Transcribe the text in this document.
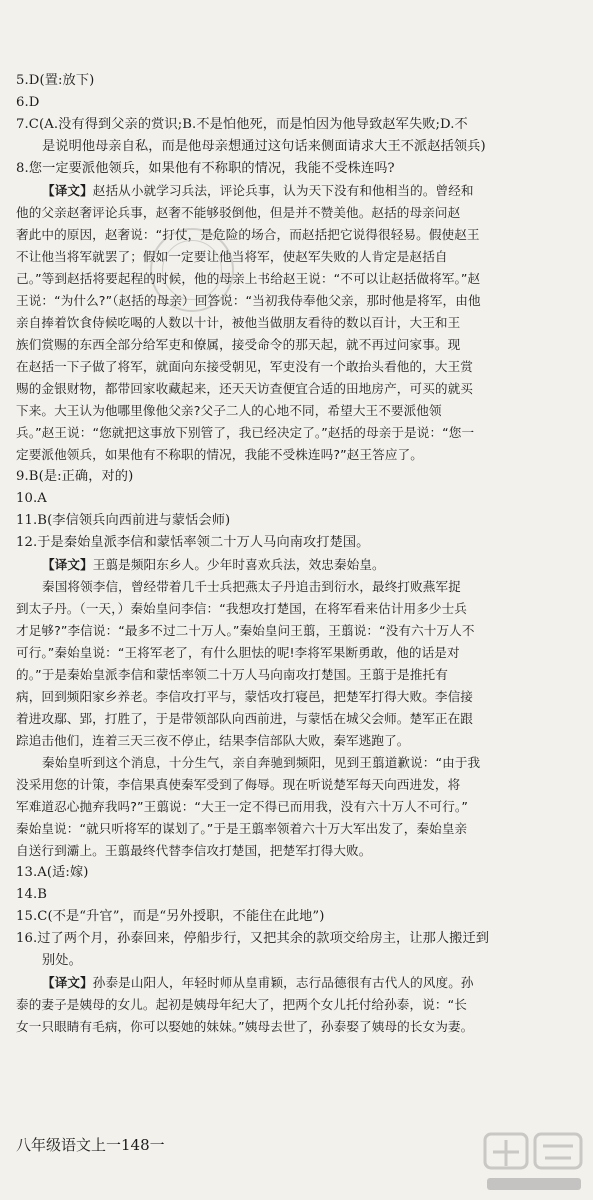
5.D(置:放下)
6.D
7.C(A.没有得到父亲的赏识;B.不是怕他死，而是怕因为他导致赵军失败;D.不
是说明他母亲自私，而是他母亲想通过这句话来侧面请求大王不派赵括领兵)
8.您一定要派他领兵，如果他有不称职的情况，我能不受株连吗?
【译文】赵括从小就学习兵法，评论兵事，认为天下没有和他相当的。曾经和
他的父亲赵奢评论兵事，赵奢不能够驳倒他，但是并不赞美他。赵括的母亲问赵
奢此中的原因，赵奢说：“打仗，是危险的场合，而赵括把它说得很轻易。假使赵王
不让他当将军就罢了；假如一定要让他当将军，使赵军失败的人肯定是赵括自
己。”等到赵括将要起程的时候，他的母亲上书给赵王说：“不可以让赵括做将军。”赵
王说：“为什么?”（赵括的母亲）回答说：“当初我侍奉他父亲，那时他是将军，由他
亲自捧着饮食侍候吃喝的人数以十计，被他当做朋友看待的数以百计，大王和王
族们赏赐的东西全部分给军吏和僚属，接受命令的那天起，就不再过问家事。现
在赵括一下子做了将军，就面向东接受朝见，军吏没有一个敢抬头看他的，大王赏
赐的金银财物，都带回家收藏起来，还天天访查便宜合适的田地房产，可买的就买
下来。大王认为他哪里像他父亲?父子二人的心地不同，希望大王不要派他领
兵。”赵王说：“您就把这事放下别管了，我已经决定了。”赵括的母亲于是说：“您一
定要派他领兵，如果他有不称职的情况，我能不受株连吗?”赵王答应了。
9.B(是:正确，对的)
10.A
11.B(李信领兵向西前进与蒙恬会师)
12.于是秦始皇派李信和蒙恬率领二十万人马向南攻打楚国。
【译文】王翦是频阳东乡人。少年时喜欢兵法，效忠秦始皇。
秦国将领李信，曾经带着几千士兵把燕太子丹追击到衍水，最终打败燕军捉
到太子丹。（一天，）秦始皇问李信：“我想攻打楚国，在将军看来估计用多少士兵
才足够?”李信说：“最多不过二十万人。”秦始皇问王翦，王翦说：“没有六十万人不
可行。”秦始皇说：“王将军老了，有什么胆怯的呢!李将军果断勇敢，他的话是对
的。”于是秦始皇派李信和蒙恬率领二十万人马向南攻打楚国。王翦于是推托有
病，回到频阳家乡养老。李信攻打平与，蒙恬攻打寝邑，把楚军打得大败。李信接
着进攻鄢、郢，打胜了，于是带领部队向西前进，与蒙恬在城父会师。楚军正在跟
踪追击他们，连着三天三夜不停止，结果李信部队大败，秦军逃跑了。
秦始皇听到这个消息，十分生气，亲自奔驰到频阳，见到王翦道歉说：“由于我
没采用您的计策，李信果真使秦军受到了侮辱。现在听说楚军每天向西进发，将
军难道忍心抛弃我吗?”王翦说：“大王一定不得已而用我，没有六十万人不可行。”
秦始皇说：“就只听将军的谋划了。”于是王翦率领着六十万大军出发了，秦始皇亲
自送行到灞上。王翦最终代替李信攻打楚国，把楚军打得大败。
13.A(适:嫁)
14.B
15.C(不是“升官”，而是“另外授职，不能住在此地”)
16.过了两个月，孙泰回来，停船步行，又把其余的款项交给房主，让那人搬迁到
别处。
【译文】孙泰是山阳人，年轻时师从皇甫颖，志行品德很有古代人的风度。孙
泰的妻子是姨母的女儿。起初是姨母年纪大了，把两个女儿托付给孙泰，说：“长
女一只眼睛有毛病，你可以娶她的妹妹。”姨母去世了，孙泰娶了姨母的长女为妻。
八年级语文上一148一
